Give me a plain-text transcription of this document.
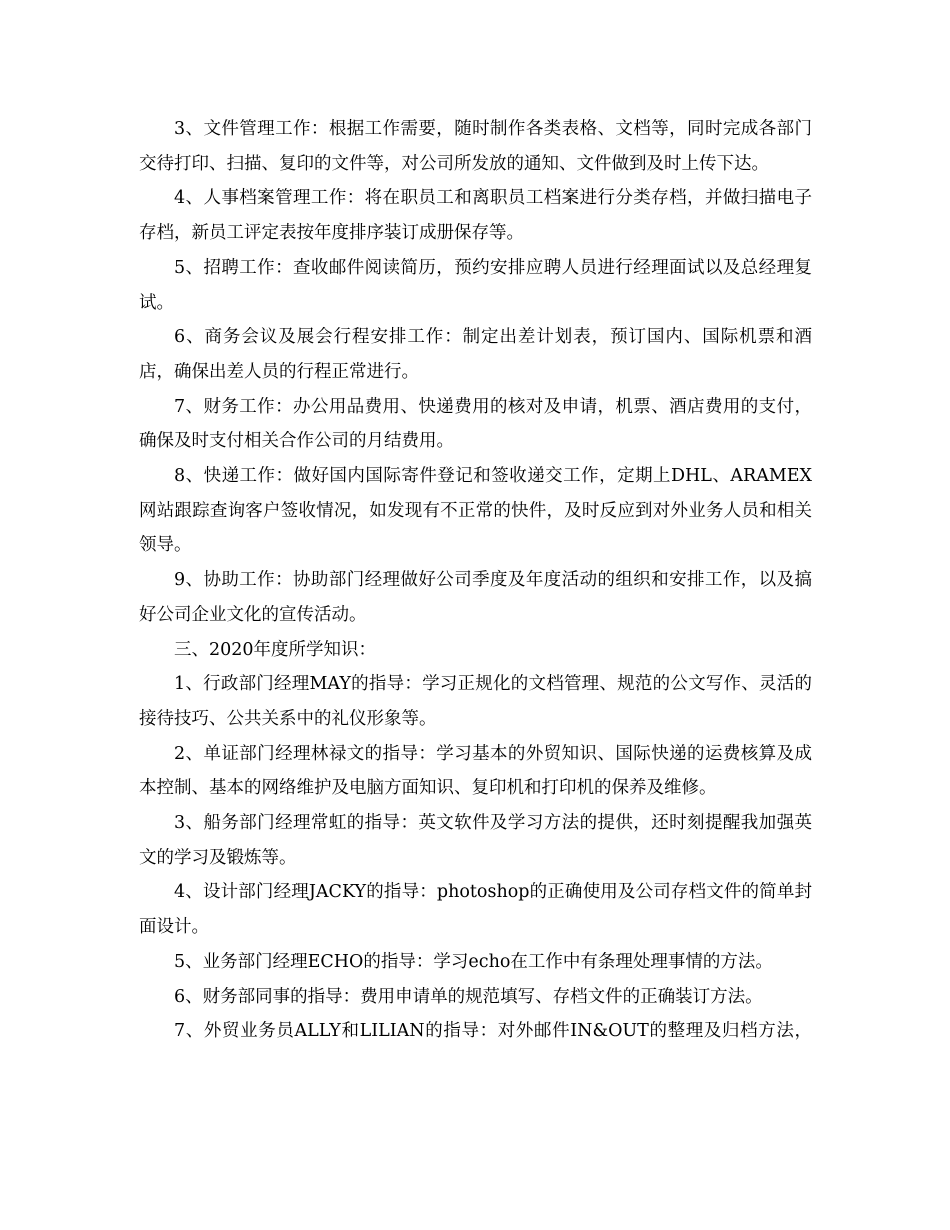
3、文件管理工作：根据工作需要，随时制作各类表格、文档等，同时完成各部门交待打印、扫描、复印的文件等，对公司所发放的通知、文件做到及时上传下达。

4、人事档案管理工作：将在职员工和离职员工档案进行分类存档，并做扫描电子存档，新员工评定表按年度排序装订成册保存等。

5、招聘工作：查收邮件阅读简历，预约安排应聘人员进行经理面试以及总经理复试。

6、商务会议及展会行程安排工作：制定出差计划表，预订国内、国际机票和酒店，确保出差人员的行程正常进行。

7、财务工作：办公用品费用、快递费用的核对及申请，机票、酒店费用的支付，确保及时支付相关合作公司的月结费用。

8、快递工作：做好国内国际寄件登记和签收递交工作，定期上DHL、ARAMEX网站跟踪查询客户签收情况，如发现有不正常的快件，及时反应到对外业务人员和相关领导。

9、协助工作：协助部门经理做好公司季度及年度活动的组织和安排工作，以及搞好公司企业文化的宣传活动。

三、2020年度所学知识：

1、行政部门经理MAY的指导：学习正规化的文档管理、规范的公文写作、灵活的接待技巧、公共关系中的礼仪形象等。

2、单证部门经理林禄文的指导：学习基本的外贸知识、国际快递的运费核算及成本控制、基本的网络维护及电脑方面知识、复印机和打印机的保养及维修。

3、船务部门经理常虹的指导：英文软件及学习方法的提供，还时刻提醒我加强英文的学习及锻炼等。

4、设计部门经理JACKY的指导：photoshop的正确使用及公司存档文件的简单封面设计。

5、业务部门经理ECHO的指导：学习echo在工作中有条理处理事情的方法。

6、财务部同事的指导：费用申请单的规范填写、存档文件的正确装订方法。

7、外贸业务员ALLY和LILIAN的指导：对外邮件IN&OUT的整理及归档方法，
